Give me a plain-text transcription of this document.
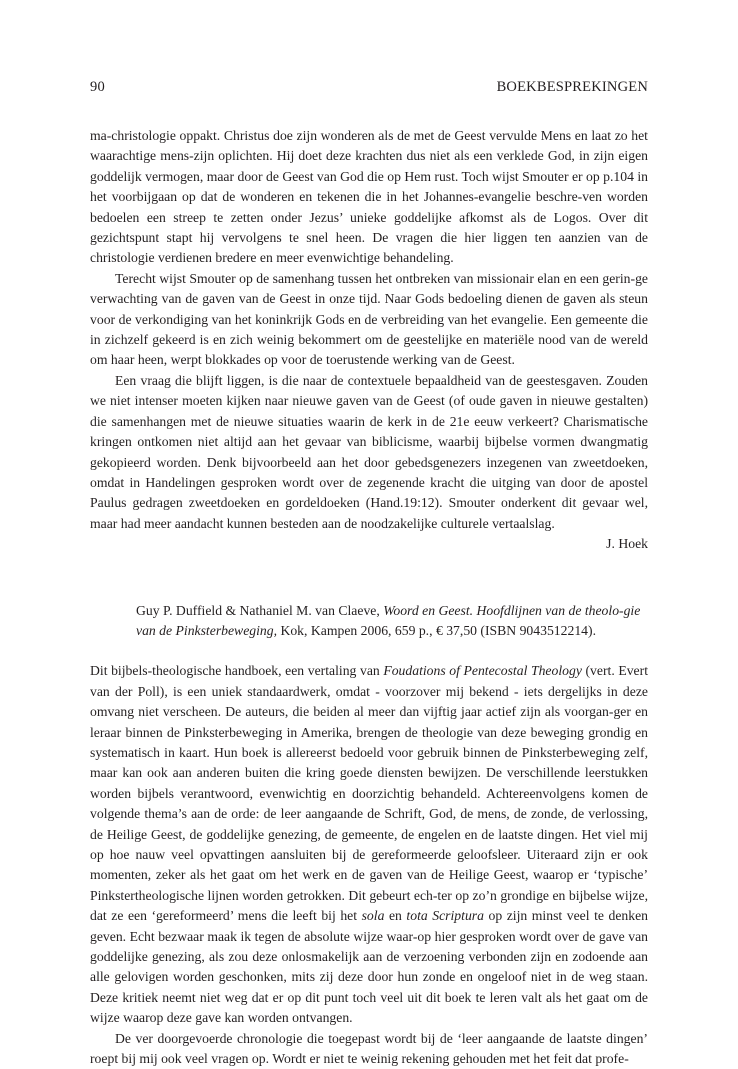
90	BOEKBESPREKINGEN

ma-christologie oppakt. Christus doe zijn wonderen als de met de Geest vervulde Mens en laat zo het waarachtige mens-zijn oplichten. Hij doet deze krachten dus niet als een verklede God, in zijn eigen goddelijk vermogen, maar door de Geest van God die op Hem rust. Toch wijst Smouter er op p.104 in het voorbijgaan op dat de wonderen en tekenen die in het Johannes-evangelie beschre-ven worden bedoelen een streep te zetten onder Jezus’ unieke goddelijke afkomst als de Logos. Over dit gezichtspunt stapt hij vervolgens te snel heen. De vragen die hier liggen ten aanzien van de christologie verdienen bredere en meer evenwichtige behandeling.

Terecht wijst Smouter op de samenhang tussen het ontbreken van missionair elan en een gerin-ge verwachting van de gaven van de Geest in onze tijd. Naar Gods bedoeling dienen de gaven als steun voor de verkondiging van het koninkrijk Gods en de verbreiding van het evangelie. Een gemeente die in zichzelf gekeerd is en zich weinig bekommert om de geestelijke en materiële nood van de wereld om haar heen, werpt blokkades op voor de toerustende werking van de Geest.

Een vraag die blijft liggen, is die naar de contextuele bepaaldheid van de geestesgaven. Zouden we niet intenser moeten kijken naar nieuwe gaven van de Geest (of oude gaven in nieuwe gestalten) die samenhangen met de nieuwe situaties waarin de kerk in de 21e eeuw verkeert? Charismatische kringen ontkomen niet altijd aan het gevaar van biblicisme, waarbij bijbelse vormen dwangmatig gekopieerd worden. Denk bijvoorbeeld aan het door gebedsgenezers inzegenen van zweetdoeken, omdat in Handelingen gesproken wordt over de zegenende kracht die uitging van door de apostel Paulus gedragen zweetdoeken en gordeldoeken (Hand.19:12). Smouter onderkent dit gevaar wel, maar had meer aandacht kunnen besteden aan de noodzakelijke culturele vertaalslag.

J. Hoek

Guy P. Duffield & Nathaniel M. van Claeve, Woord en Geest. Hoofdlijnen van de theolo-gie van de Pinksterbeweging, Kok, Kampen 2006, 659 p., € 37,50 (ISBN 9043512214).

Dit bijbels-theologische handboek, een vertaling van Foudations of Pentecostal Theology (vert. Evert van der Poll), is een uniek standaardwerk, omdat - voorzover mij bekend - iets dergelijks in deze omvang niet verscheen. De auteurs, die beiden al meer dan vijftig jaar actief zijn als voorgan-ger en leraar binnen de Pinksterbeweging in Amerika, brengen de theologie van deze beweging grondig en systematisch in kaart. Hun boek is allereerst bedoeld voor gebruik binnen de Pinksterbeweging zelf, maar kan ook aan anderen buiten die kring goede diensten bewijzen. De verschillende leerstukken worden bijbels verantwoord, evenwichtig en doorzichtig behandeld. Achtereenvolgens komen de volgende thema’s aan de orde: de leer aangaande de Schrift, God, de mens, de zonde, de verlossing, de Heilige Geest, de goddelijke genezing, de gemeente, de engelen en de laatste dingen. Het viel mij op hoe nauw veel opvattingen aansluiten bij de gereformeerde geloofsleer. Uiteraard zijn er ook momenten, zeker als het gaat om het werk en de gaven van de Heilige Geest, waarop er ‘typische’ Pinkstertheologische lijnen worden getrokken. Dit gebeurt ech-ter op zo’n grondige en bijbelse wijze, dat ze een ‘gereformeerd’ mens die leeft bij het sola en tota Scriptura op zijn minst veel te denken geven. Echt bezwaar maak ik tegen de absolute wijze waar-op hier gesproken wordt over de gave van goddelijke genezing, als zou deze onlosmakelijk aan de verzoening verbonden zijn en zodoende aan alle gelovigen worden geschonken, mits zij deze door hun zonde en ongeloof niet in de weg staan. Deze kritiek neemt niet weg dat er op dit punt toch veel uit dit boek te leren valt als het gaat om de wijze waarop deze gave kan worden ontvangen.

De ver doorgevoerde chronologie die toegepast wordt bij de ‘leer aangaande de laatste dingen’ roept bij mij ook veel vragen op. Wordt er niet te weinig rekening gehouden met het feit dat profe-
